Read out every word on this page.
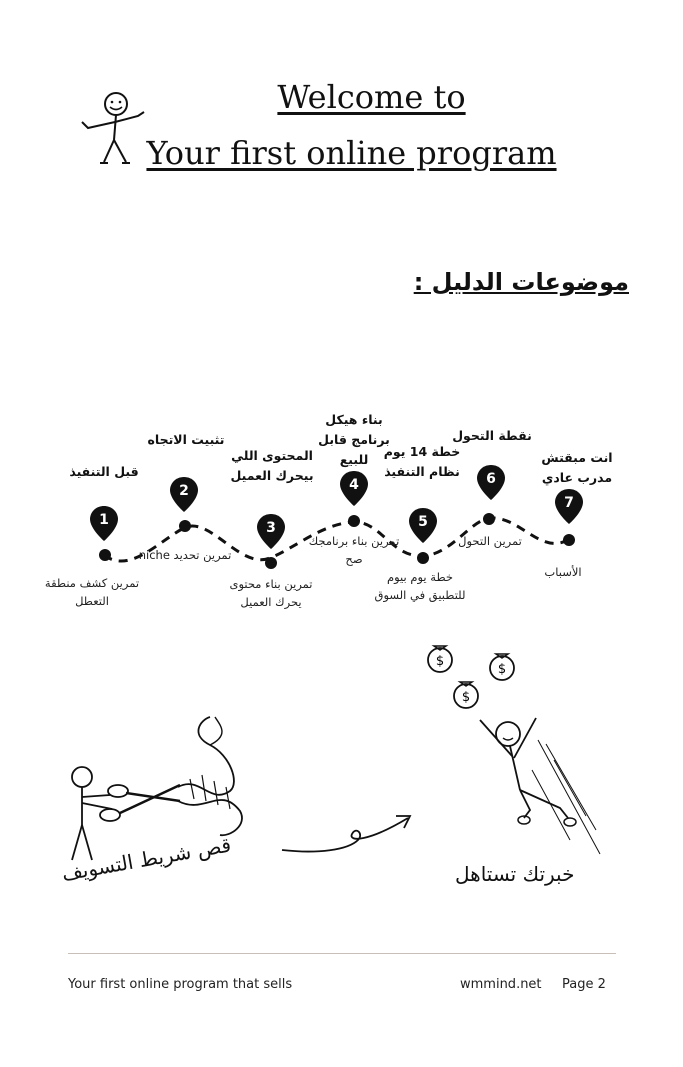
Welcome to
Your first online program
موضوعات الدليل :
قبل التنفيذ
1
تمرين كشف منطقة التعطل
تثبيت الاتجاه
2
تمرين تحديد niche
المحتوى اللي بيحرك العميل
3
تمرين بناء محتوى يحرك العميل
بناء هيكل برنامج قابل للبيع
4
تمرين بناء برنامجك صح
خطة 14 يوم نظام التنفيذ
5
خطة يوم بيوم للتطبيق في السوق
نقطة التحول
6
تمرين التحول
انت مبقتش مدرب عادي
7
الأسباب
$
$
$
قص شريط التسويف	خبرتك تستاهل
Your first online program that sells	wmmind.net Page 2
